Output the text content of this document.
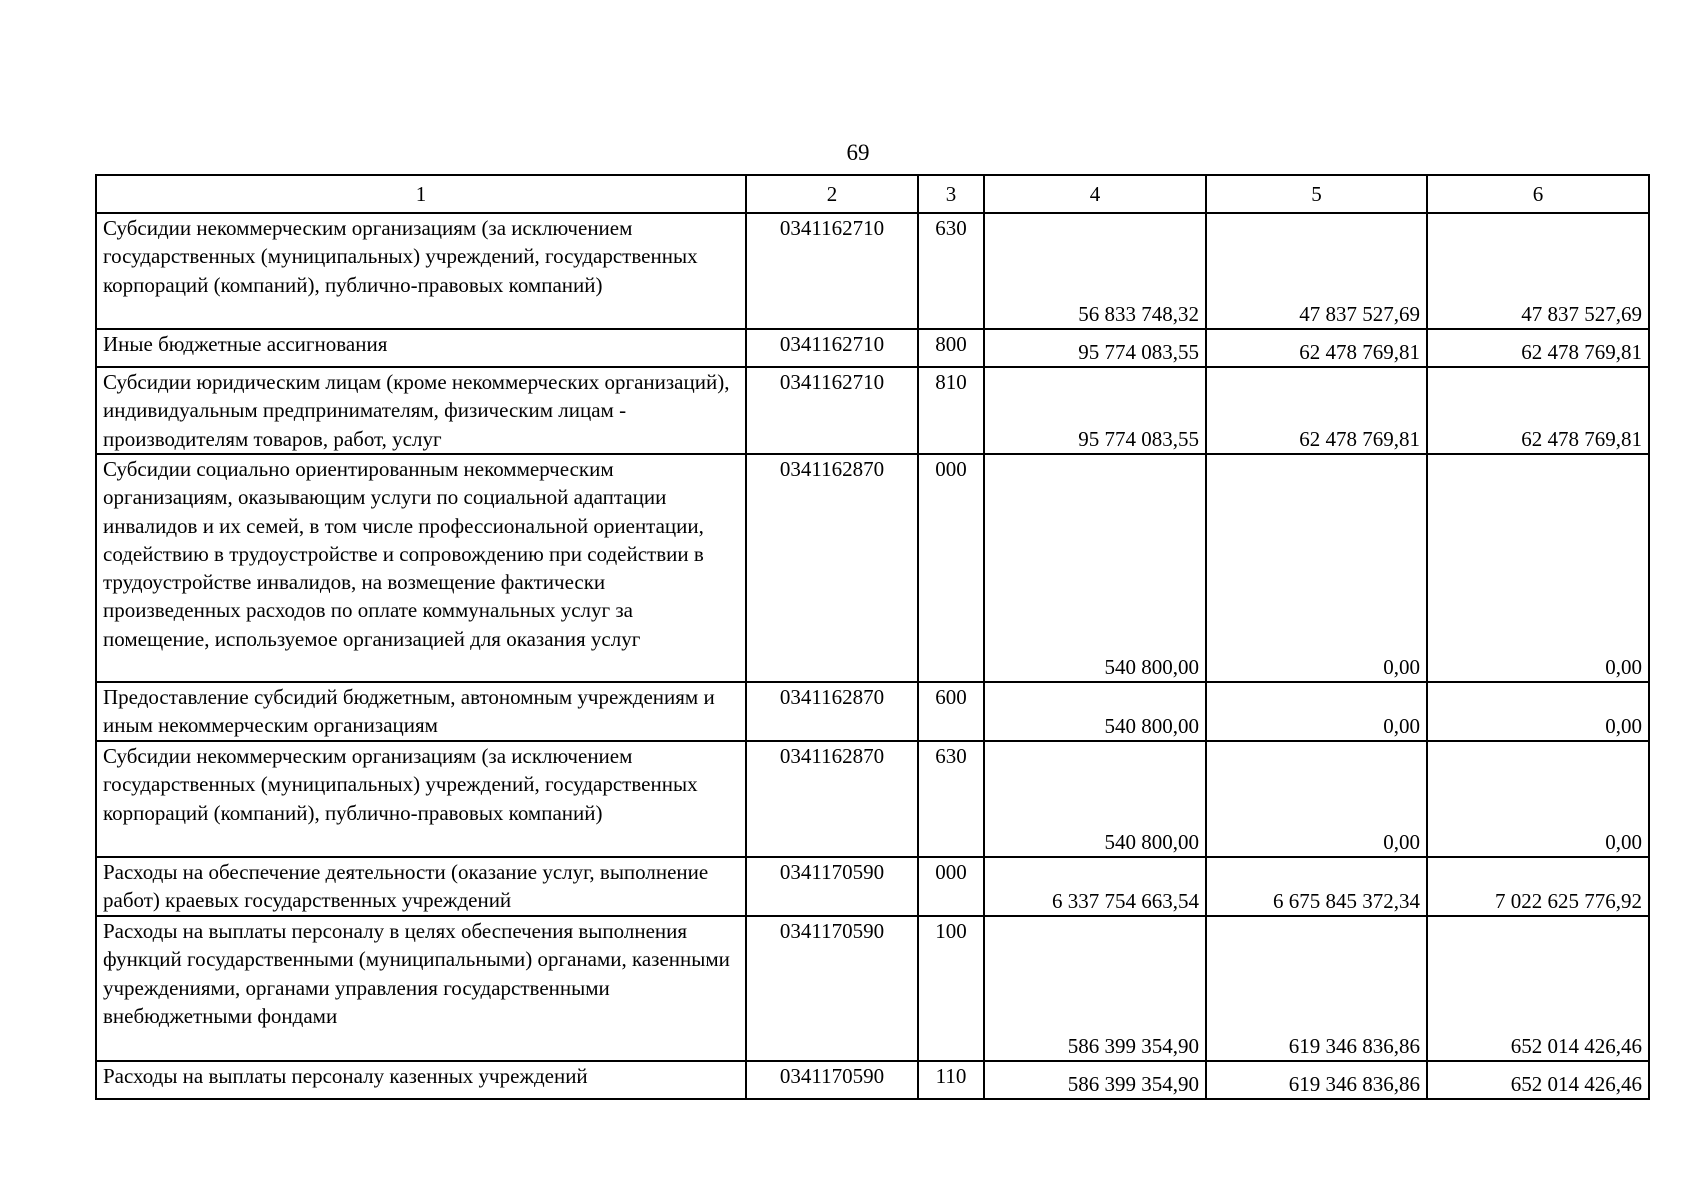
69
1	2	3	4	5	6
Субсидии некоммерческим организациям (за исключением государственных (муниципальных) учреждений, государственных корпораций (компаний), публично-правовых компаний)	0341162710	630	56 833 748,32	47 837 527,69	47 837 527,69
Иные бюджетные ассигнования	0341162710	800	95 774 083,55	62 478 769,81	62 478 769,81
Субсидии юридическим лицам (кроме некоммерческих организаций), индивидуальным предпринимателям, физическим лицам - производителям товаров, работ, услуг	0341162710	810	95 774 083,55	62 478 769,81	62 478 769,81
Субсидии социально ориентированным некоммерческим организациям, оказывающим услуги по социальной адаптации инвалидов и их семей, в том числе профессиональной ориентации, содействию в трудоустройстве и сопровождению при содействии в трудоустройстве инвалидов, на возмещение фактически произведенных расходов по оплате коммунальных услуг за помещение, используемое организацией для оказания услуг	0341162870	000	540 800,00	0,00	0,00
Предоставление субсидий бюджетным, автономным учреждениям и иным некоммерческим организациям	0341162870	600	540 800,00	0,00	0,00
Субсидии некоммерческим организациям (за исключением государственных (муниципальных) учреждений, государственных корпораций (компаний), публично-правовых компаний)	0341162870	630	540 800,00	0,00	0,00
Расходы на обеспечение деятельности (оказание услуг, выполнение работ) краевых государственных учреждений	0341170590	000	6 337 754 663,54	6 675 845 372,34	7 022 625 776,92
Расходы на выплаты персоналу в целях обеспечения выполнения функций государственными (муниципальными) органами, казенными учреждениями, органами управления государственными внебюджетными фондами	0341170590	100	586 399 354,90	619 346 836,86	652 014 426,46
Расходы на выплаты персоналу казенных учреждений	0341170590	110	586 399 354,90	619 346 836,86	652 014 426,46
